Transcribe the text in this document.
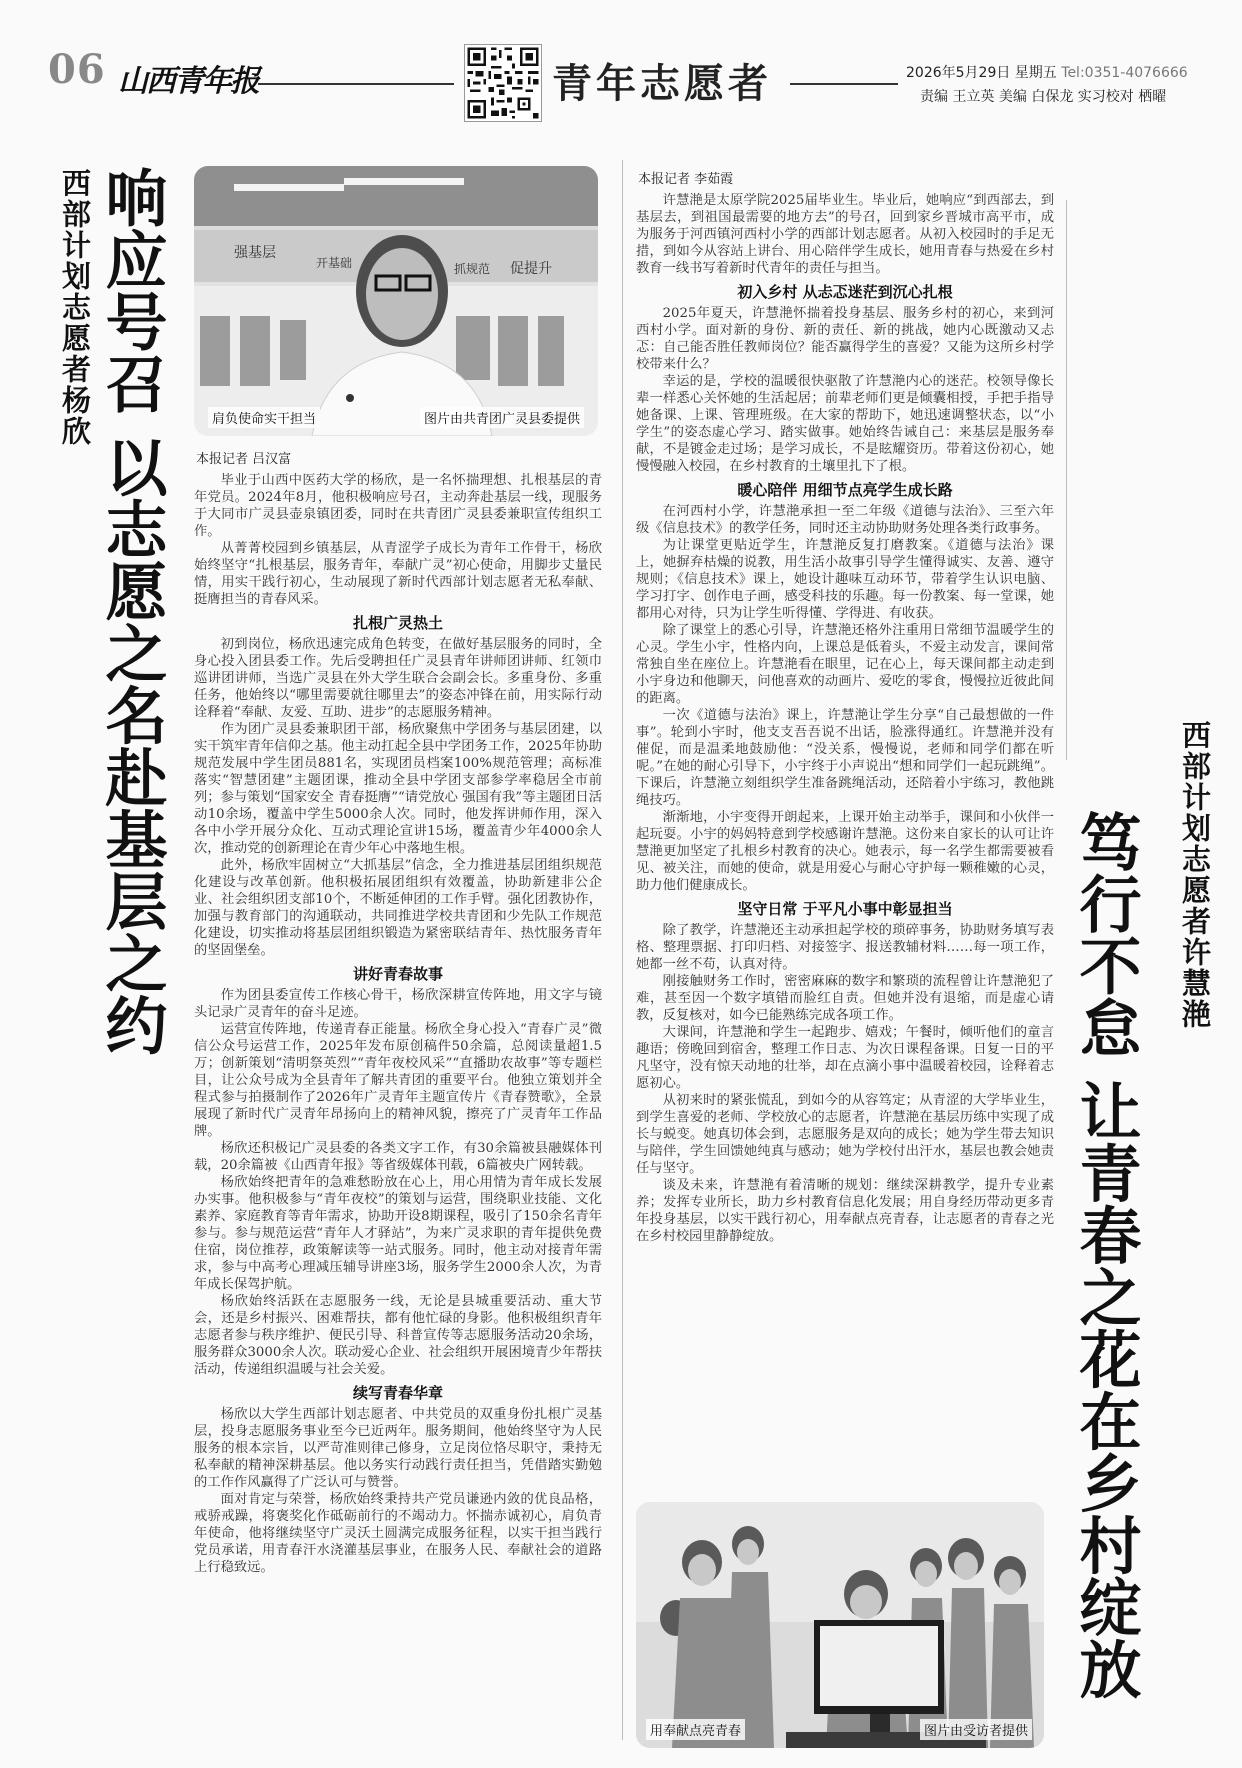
06 山西青年报	青年志愿者	2026年5月29日 星期五 Tel:0351-4076666
责编 王立英 美编 白保龙 实习校对 栖曜
西部计划志愿者杨欣 响应号召 以志愿之名赴基层之约	强基层
开基础	抓规范 促提升
肩负使命实干担当	图片由共青团广灵县委提供
本报记者 吕汉富

毕业于山西中医药大学的杨欣，是一名怀揣理想、扎根基层的青年党员。2024年8月，他积极响应号召，主动奔赴基层一线，现服务于大同市广灵县壶泉镇团委，同时在共青团广灵县委兼职宣传组织工作。

从菁菁校园到乡镇基层，从青涩学子成长为青年工作骨干，杨欣始终坚守“扎根基层，服务青年，奉献广灵”初心使命，用脚步丈量民情，用实干践行初心，生动展现了新时代西部计划志愿者无私奉献、挺膺担当的青春风采。

扎根广灵热土

初到岗位，杨欣迅速完成角色转变，在做好基层服务的同时，全身心投入团县委工作。先后受聘担任广灵县青年讲师团讲师、红领巾巡讲团讲师，当选广灵县在外大学生联合会副会长。多重身份、多重任务，他始终以“哪里需要就往哪里去”的姿态冲锋在前，用实际行动诠释着“奉献、友爱、互助、进步”的志愿服务精神。

作为团广灵县委兼职团干部，杨欣聚焦中学团务与基层团建，以实干筑牢青年信仰之基。他主动扛起全县中学团务工作，2025年协助规范发展中学生团员881名，实现团员档案100%规范管理；高标准落实“智慧团建”主题团课，推动全县中学团支部参学率稳居全市前列；参与策划“国家安全 青春挺膺”“请党放心 强国有我”等主题团日活动10余场，覆盖中学生5000余人次。同时，他发挥讲师作用，深入各中小学开展分众化、互动式理论宣讲15场，覆盖青少年4000余人次，推动党的创新理论在青少年心中落地生根。

此外，杨欣牢固树立“大抓基层”信念，全力推进基层团组织规范化建设与改革创新。他积极拓展团组织有效覆盖，协助新建非公企业、社会组织团支部10个，不断延伸团的工作手臂。强化团教协作，加强与教育部门的沟通联动，共同推进学校共青团和少先队工作规范化建设，切实推动将基层团组织锻造为紧密联结青年、热忱服务青年的坚固堡垒。

讲好青春故事

作为团县委宣传工作核心骨干，杨欣深耕宣传阵地，用文字与镜头记录广灵青年的奋斗足迹。

运营宣传阵地，传递青春正能量。杨欣全身心投入“青春广灵”微信公众号运营工作，2025年发布原创稿件50余篇，总阅读量超1.5万；创新策划“清明祭英烈”“青年夜校风采”“直播助农故事”等专题栏目，让公众号成为全县青年了解共青团的重要平台。他独立策划并全程式参与拍摄制作了2026年广灵青年主题宣传片《青春赞歌》，全景展现了新时代广灵青年昂扬向上的精神风貌，擦亮了广灵青年工作品牌。

杨欣还积极记广灵县委的各类文字工作，有30余篇被县融媒体刊载，20余篇被《山西青年报》等省级媒体刊载，6篇被央广网转载。

杨欣始终把青年的急难愁盼放在心上，用心用情为青年成长发展办实事。他积极参与“青年夜校”的策划与运营，围绕职业技能、文化素养、家庭教育等青年需求，协助开设8期课程，吸引了150余名青年参与。参与规范运营“青年人才驿站”，为来广灵求职的青年提供免费住宿，岗位推荐，政策解读等一站式服务。同时，他主动对接青年需求，参与中高考心理减压辅导讲座3场，服务学生2000余人次，为青年成长保驾护航。

杨欣始终活跃在志愿服务一线，无论是县城重要活动、重大节会，还是乡村振兴、困难帮扶，都有他忙碌的身影。他积极组织青年志愿者参与秩序维护、便民引导、科普宣传等志愿服务活动20余场，服务群众3000余人次。联动爱心企业、社会组织开展困境青少年帮扶活动，传递组织温暖与社会关爱。

续写青春华章

杨欣以大学生西部计划志愿者、中共党员的双重身份扎根广灵基层，投身志愿服务事业至今已近两年。服务期间，他始终坚守为人民服务的根本宗旨，以严苛准则律己修身，立足岗位恪尽职守，秉持无私奉献的精神深耕基层。他以务实行动践行责任担当，凭借踏实勤勉的工作作风赢得了广泛认可与赞誉。

面对肯定与荣誉，杨欣始终秉持共产党员谦逊内敛的优良品格，戒骄戒躁，将褒奖化作砥砺前行的不竭动力。怀揣赤诚初心，肩负青年使命，他将继续坚守广灵沃土圆满完成服务征程，以实干担当践行党员承诺，用青春汗水浇灌基层事业，在服务人民、奉献社会的道路上行稳致远。

本报记者 李茹霞

许慧滟是太原学院2025届毕业生。毕业后，她响应“到西部去，到基层去，到祖国最需要的地方去”的号召，回到家乡晋城市高平市，成为服务于河西镇河西村小学的西部计划志愿者。从初入校园时的手足无措，到如今从容站上讲台、用心陪伴学生成长，她用青春与热爱在乡村教育一线书写着新时代青年的责任与担当。

初入乡村 从忐忑迷茫到沉心扎根

2025年夏天，许慧滟怀揣着投身基层、服务乡村的初心，来到河西村小学。面对新的身份、新的责任、新的挑战，她内心既激动又忐忑：自己能否胜任教师岗位？能否赢得学生的喜爱？又能为这所乡村学校带来什么？

幸运的是，学校的温暖很快驱散了许慧滟内心的迷茫。校领导像长辈一样悉心关怀她的生活起居；前辈老师们更是倾囊相授，手把手指导她备课、上课、管理班级。在大家的帮助下，她迅速调整状态，以“小学生”的姿态虚心学习、踏实做事。她始终告诫自己：来基层是服务奉献，不是镀金走过场；是学习成长，不是眩耀资历。带着这份初心，她慢慢融入校园，在乡村教育的土壤里扎下了根。

暖心陪伴 用细节点亮学生成长路

在河西村小学，许慧滟承担一至二年级《道德与法治》、三至六年级《信息技术》的教学任务，同时还主动协助财务处理各类行政事务。

为让课堂更贴近学生，许慧滟反复打磨教案。《道德与法治》课上，她摒弃枯燥的说教，用生活小故事引导学生懂得诚实、友善、遵守规则；《信息技术》课上，她设计趣味互动环节，带着学生认识电脑、学习打字、创作电子画，感受科技的乐趣。每一份教案、每一堂课，她都用心对待，只为让学生听得懂、学得进、有收获。

除了课堂上的悉心引导，许慧滟还格外注重用日常细节温暖学生的心灵。学生小宇，性格内向，上课总是低着头，不爱主动发言，课间常常独自坐在座位上。许慧滟看在眼里，记在心上，每天课间都主动走到小宇身边和他聊天，问他喜欢的动画片、爱吃的零食，慢慢拉近彼此间的距离。

一次《道德与法治》课上，许慧滟让学生分享“自己最想做的一件事”。轮到小宇时，他支支吾吾说不出话，脸涨得通红。许慧滟并没有催促，而是温柔地鼓励他：“没关系，慢慢说，老师和同学们都在听呢。”在她的耐心引导下，小宇终于小声说出“想和同学们一起玩跳绳”。下课后，许慧滟立刻组织学生准备跳绳活动，还陪着小宇练习，教他跳绳技巧。

渐渐地，小宇变得开朗起来，上课开始主动举手，课间和小伙伴一起玩耍。小宇的妈妈特意到学校感谢许慧滟。这份来自家长的认可让许慧滟更加坚定了扎根乡村教育的决心。她表示，每一名学生都需要被看见、被关注，而她的使命，就是用爱心与耐心守护每一颗稚嫩的心灵，助力他们健康成长。

坚守日常 于平凡小事中彰显担当

除了教学，许慧滟还主动承担起学校的琐碎事务，协助财务填写表格、整理票据、打印归档、对接签字、报送教辅材料……每一项工作，她都一丝不苟，认真对待。

刚接触财务工作时，密密麻麻的数字和繁琐的流程曾让许慧滟犯了难，甚至因一个数字填错而脸红自责。但她并没有退缩，而是虚心请教，反复核对，如今已能熟练完成各项工作。

大课间，许慧滟和学生一起跑步、嬉戏；午餐时，倾听他们的童言趣语；傍晚回到宿舍，整理工作日志、为次日课程备课。日复一日的平凡坚守，没有惊天动地的壮举，却在点滴小事中温暖着校园，诠释着志愿初心。

从初来时的紧张慌乱，到如今的从容笃定；从青涩的大学毕业生，到学生喜爱的老师、学校放心的志愿者，许慧滟在基层历练中实现了成长与蜕变。她真切体会到，志愿服务是双向的成长；她为学生带去知识与陪伴，学生回馈她纯真与感动；她为学校付出汗水，基层也教会她责任与坚守。

谈及未来，许慧滟有着清晰的规划：继续深耕教学，提升专业素养；发挥专业所长，助力乡村教育信息化发展；用自身经历带动更多青年投身基层，以实干践行初心，用奉献点亮青春，让志愿者的青春之光在乡村校园里静静绽放。

西部计划志愿者许慧滟
笃行不怠 让青春之花在乡村绽放
用奉献点亮青春	图片由受访者提供
